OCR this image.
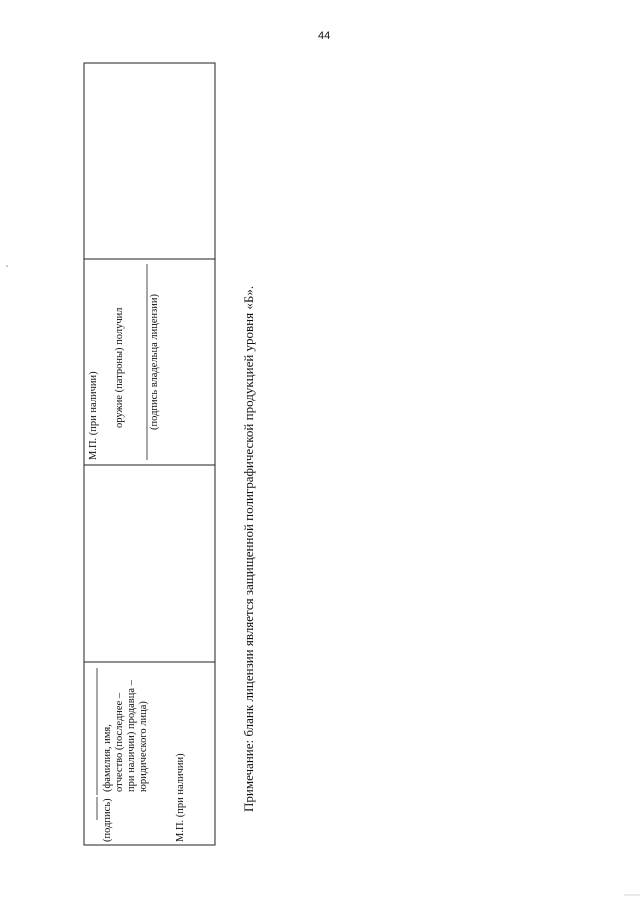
44
(подпись)
(фамилия, имя, отчество (последнее – при наличии) продавца – юридического лица)
М.П. (при наличии)
М.П. (при наличии) оружие (патроны) получил (подпись владельца лицензии)	Примечание: бланк лицензии является защищенной полиграфической продукцией уровня «Б».
